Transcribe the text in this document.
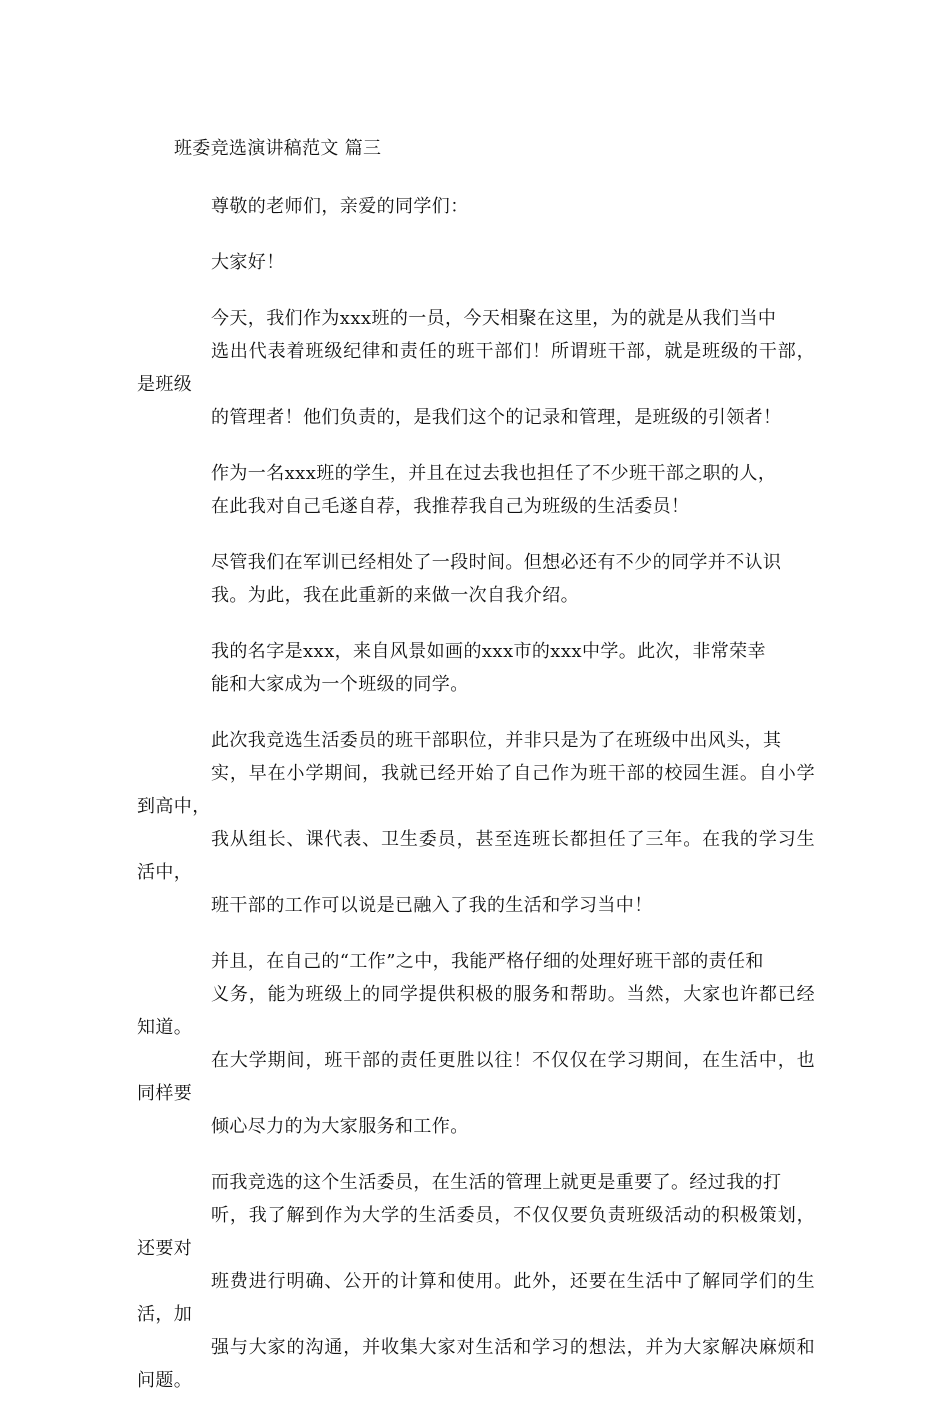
班委竞选演讲稿范文 篇三

尊敬的老师们，亲爱的同学们：

大家好！

今天，我们作为xxx班的一员，今天相聚在这里，为的就是从我们当中
选出代表着班级纪律和责任的班干部们！所谓班干部，就是班级的干部，是班级
的管理者！他们负责的，是我们这个的记录和管理，是班级的引领者！

作为一名xxx班的学生，并且在过去我也担任了不少班干部之职的人，
在此我对自己毛遂自荐，我推荐我自己为班级的生活委员！

尽管我们在军训已经相处了一段时间。但想必还有不少的同学并不认识
我。为此，我在此重新的来做一次自我介绍。

我的名字是xxx，来自风景如画的xxx市的xxx中学。此次，非常荣幸
能和大家成为一个班级的同学。

此次我竞选生活委员的班干部职位，并非只是为了在班级中出风头，其
实，早在小学期间，我就已经开始了自己作为班干部的校园生涯。自小学到高中，
我从组长、课代表、卫生委员，甚至连班长都担任了三年。在我的学习生活中，
班干部的工作可以说是已融入了我的生活和学习当中！

并且，在自己的“工作”之中，我能严格仔细的处理好班干部的责任和
义务，能为班级上的同学提供积极的服务和帮助。当然，大家也许都已经知道。
在大学期间，班干部的责任更胜以往！不仅仅在学习期间，在生活中，也同样要
倾心尽力的为大家服务和工作。

而我竞选的这个生活委员，在生活的管理上就更是重要了。经过我的打
听，我了解到作为大学的生活委员，不仅仅要负责班级活动的积极策划，还要对
班费进行明确、公开的计算和使用。此外，还要在生活中了解同学们的生活，加
强与大家的沟通，并收集大家对生活和学习的想法，并为大家解决麻烦和问题。
